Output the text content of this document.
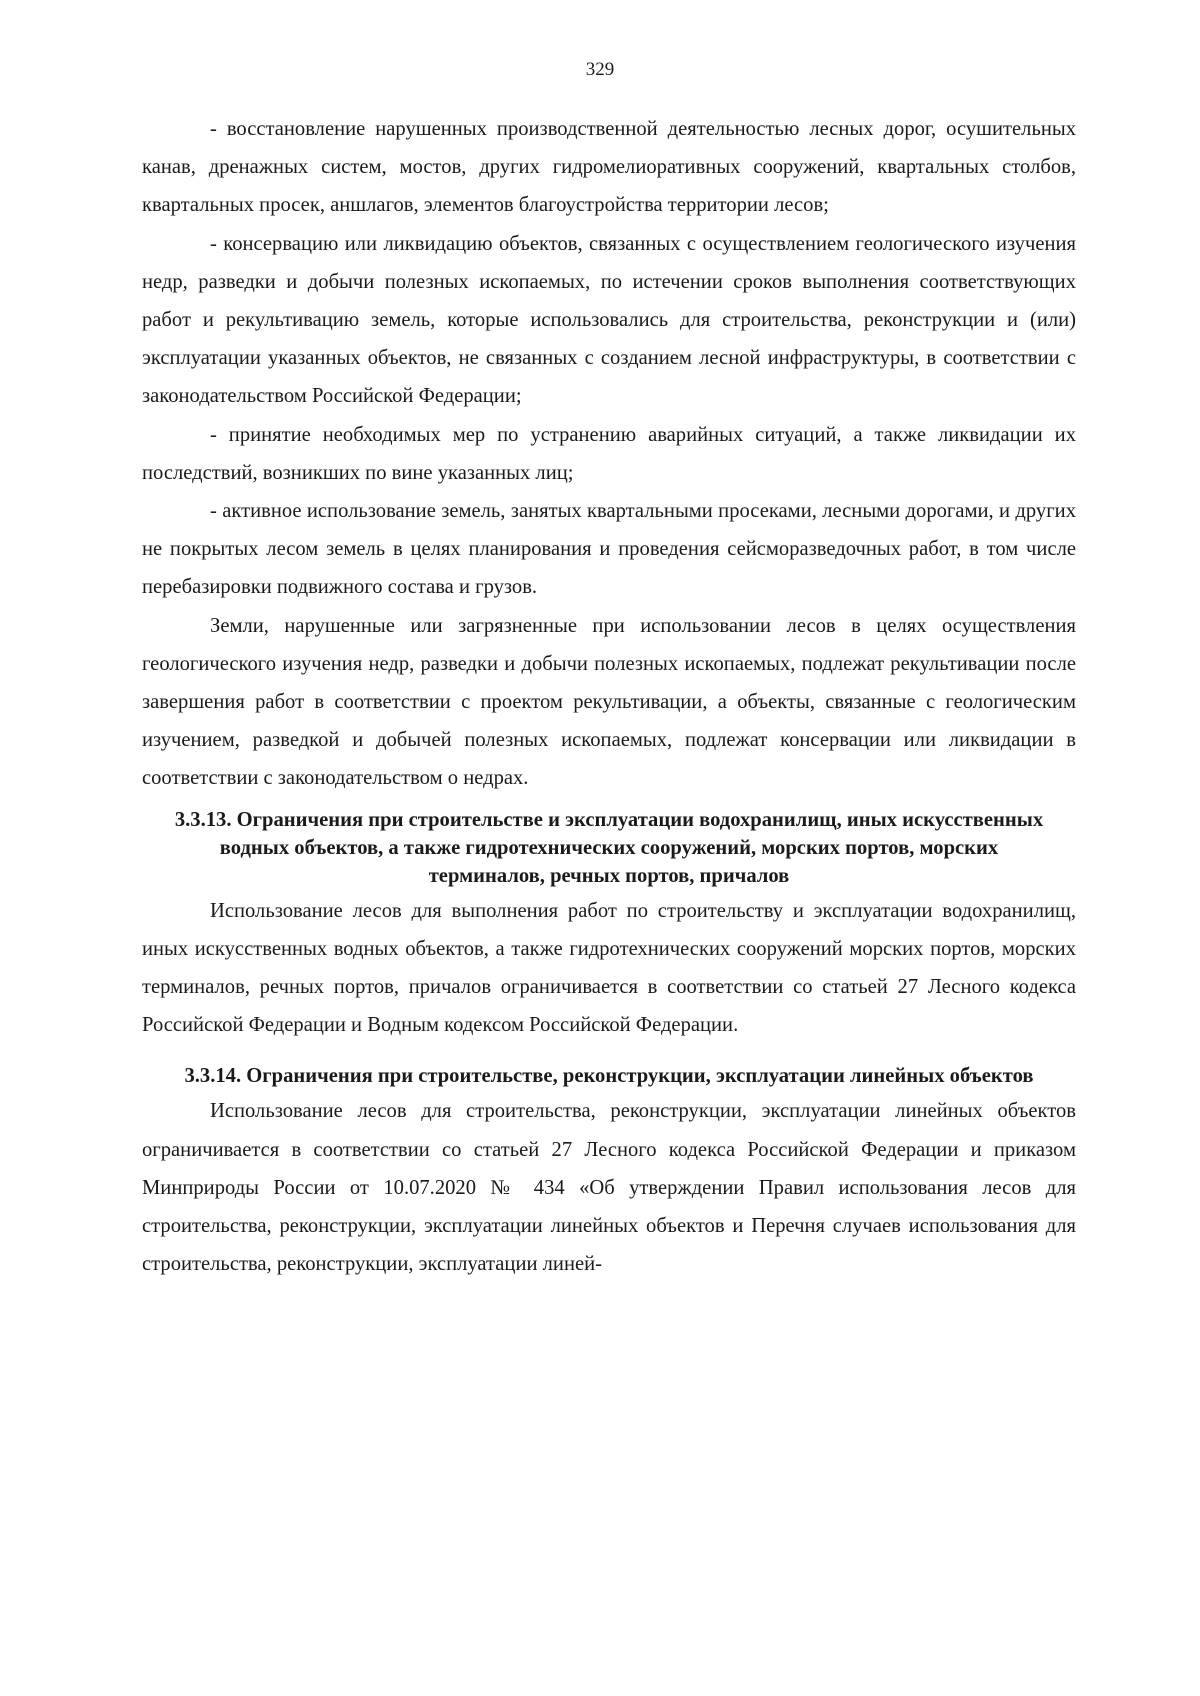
329

- восстановление нарушенных производственной деятельностью лесных дорог, осушительных канав, дренажных систем, мостов, других гидромелиоративных сооружений, квартальных столбов, квартальных просек, аншлагов, элементов благоустройства территории лесов;

- консервацию или ликвидацию объектов, связанных с осуществлением геологического изучения недр, разведки и добычи полезных ископаемых, по истечении сроков выполнения соответствующих работ и рекультивацию земель, которые использовались для строительства, реконструкции и (или) эксплуатации указанных объектов, не связанных с созданием лесной инфраструктуры, в соответствии с законодательством Российской Федерации;

- принятие необходимых мер по устранению аварийных ситуаций, а также ликвидации их последствий, возникших по вине указанных лиц;

- активное использование земель, занятых квартальными просеками, лесными дорогами, и других не покрытых лесом земель в целях планирования и проведения сейсморазведочных работ, в том числе перебазировки подвижного состава и грузов.

Земли, нарушенные или загрязненные при использовании лесов в целях осуществления геологического изучения недр, разведки и добычи полезных ископаемых, подлежат рекультивации после завершения работ в соответствии с проектом рекультивации, а объекты, связанные с геологическим изучением, разведкой и добычей полезных ископаемых, подлежат консервации или ликвидации в соответствии с законодательством о недрах.

3.3.13. Ограничения при строительстве и эксплуатации водохранилищ, иных искусственных водных объектов, а также гидротехнических сооружений, морских портов, морских терминалов, речных портов, причалов

Использование лесов для выполнения работ по строительству и эксплуатации водохранилищ, иных искусственных водных объектов, а также гидротехнических сооружений морских портов, морских терминалов, речных портов, причалов ограничивается в соответствии со статьей 27 Лесного кодекса Российской Федерации и Водным кодексом Российской Федерации.

3.3.14. Ограничения при строительстве, реконструкции, эксплуатации линейных объектов

Использование лесов для строительства, реконструкции, эксплуатации линейных объектов ограничивается в соответствии со статьей 27 Лесного кодекса Российской Федерации и приказом Минприроды России от 10.07.2020 № 434 «Об утверждении Правил использования лесов для строительства, реконструкции, эксплуатации линейных объектов и Перечня случаев использования для строительства, реконструкции, эксплуатации линей-
